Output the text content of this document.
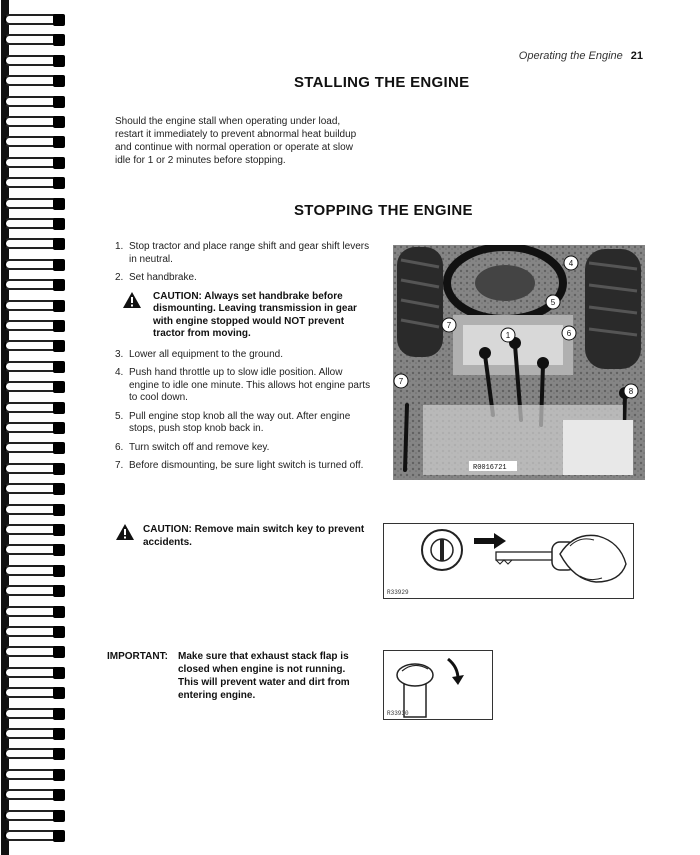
Operating the Engine 21
STALLING THE ENGINE
Should the engine stall when operating under load,
restart it immediately to prevent abnormal heat buildup
and continue with normal operation or operate at slow
idle for 1 or 2 minutes before stopping.
STOPPING THE ENGINE
1. Stop tractor and place range shift and gear shift levers in neutral.
2. Set handbrake.
CAUTION: Always set handbrake before dismounting. Leaving transmission in gear with engine stopped would NOT prevent tractor from moving.
3. Lower all equipment to the ground.
4. Push hand throttle up to slow idle position. Allow engine to idle one minute. This allows hot engine parts to cool down.
5. Pull engine stop knob all the way out. After engine stops, push stop knob back in.
6. Turn switch off and remove key.
7. Before dismounting, be sure light switch is turned off.
4
5
7
1	6
7
8
R0016721
CAUTION: Remove main switch key to prevent accidents.
R33929
IMPORTANT: Make sure that exhaust stack flap is closed when engine is not running. This will prevent water and dirt from entering engine.
R33930
